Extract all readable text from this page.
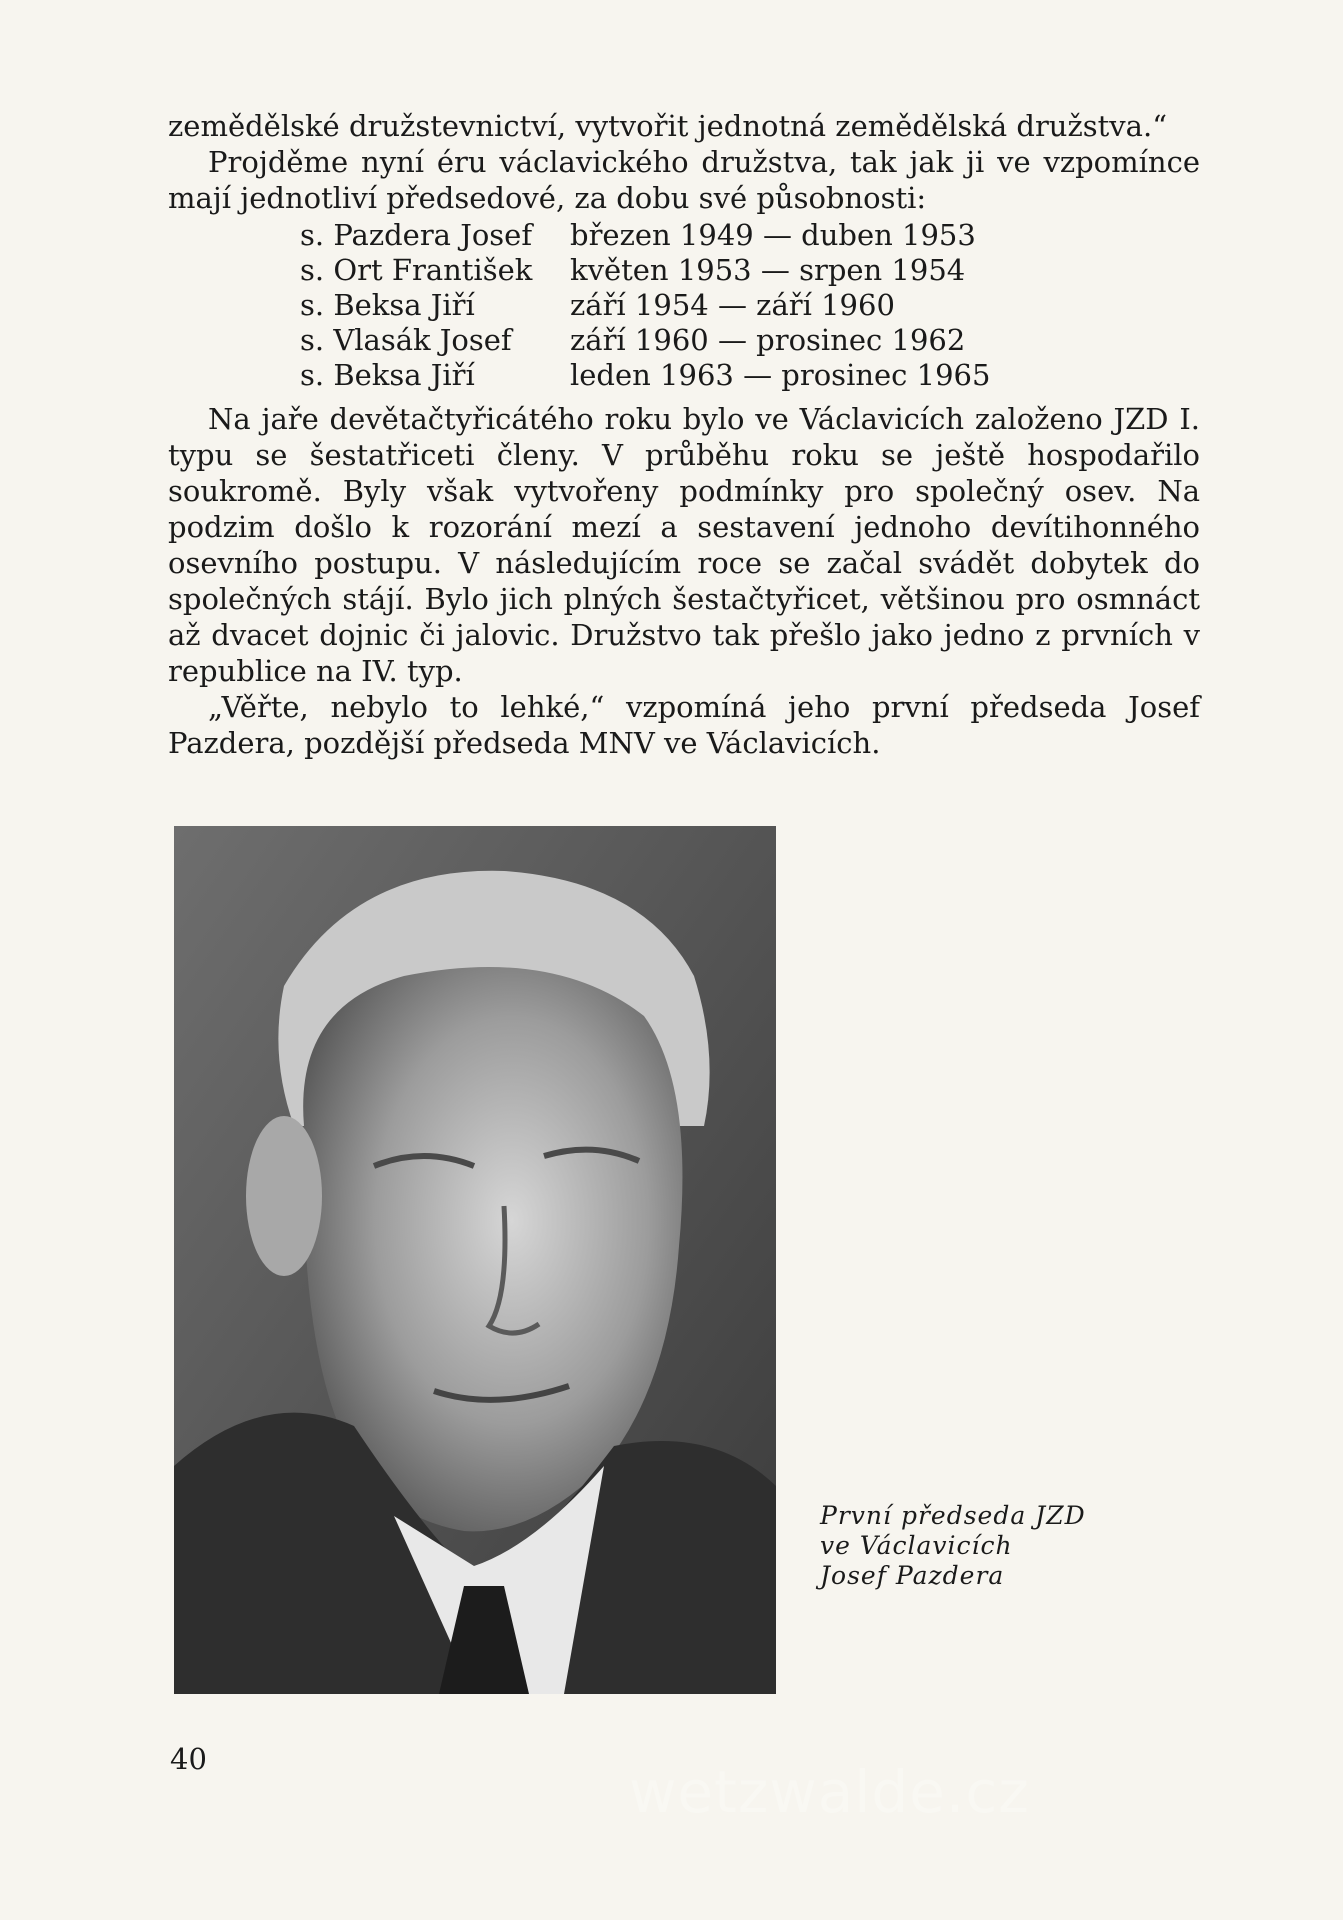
zemědělské družstevnictví, vytvořit jednotná zemědělská družstva.“

Projděme nyní éru václavického družstva, tak jak ji ve vzpomínce mají jednotliví předsedové, za dobu své působnosti:

s. Pazdera Josef	březen 1949 — duben 1953
s. Ort František	květen 1953 — srpen 1954
s. Beksa Jiří	září 1954 — září 1960
s. Vlasák Josef	září 1960 — prosinec 1962
s. Beksa Jiří	leden 1963 — prosinec 1965

Na jaře devětačtyřicátého roku bylo ve Václavicích založeno JZD I. typu se šestatřiceti členy. V průběhu roku se ještě hospodařilo soukromě. Byly však vytvořeny podmínky pro společný osev. Na podzim došlo k rozorání mezí a sestavení jednoho devítihonného osevního postupu. V následujícím roce se začal svádět dobytek do společných stájí. Bylo jich plných šestačtyřicet, většinou pro osmnáct až dvacet dojnic či jalovic. Družstvo tak přešlo jako jedno z prvních v republice na IV. typ.

„Věřte, nebylo to lehké,“ vzpomíná jeho první předseda Josef Pazdera, pozdější předseda MNV ve Václavicích.

wetzwalde.cz
První předseda JZD
ve Václavicích
Josef Pazdera
40
